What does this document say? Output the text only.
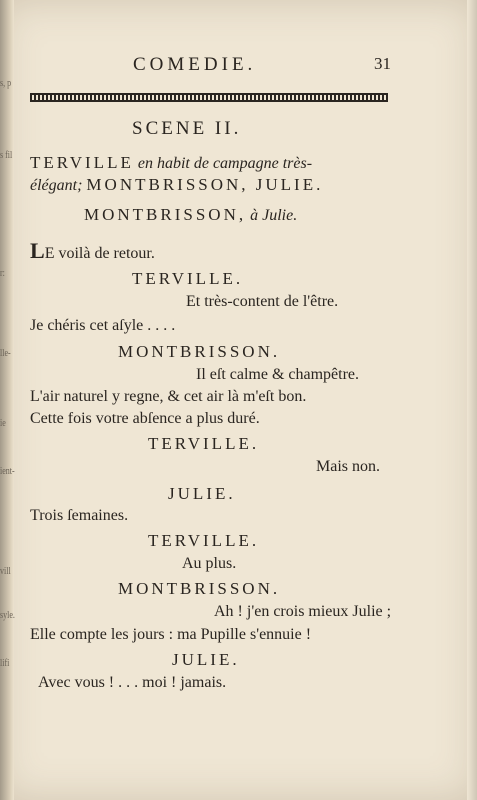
s, p
s fil
r:
lle-
ie
ient-
vill
syle.
lifi
COMEDIE.	31
SCENE II.
TERVILLE en habit de campagne très-
élégant; MONTBRISSON, JULIE.
MONTBRISSON, à Julie.
LE voilà de retour.
TERVILLE.
Et très-content de l'être.
Je chéris cet aſyle . . . .
MONTBRISSON.
Il eſt calme & champêtre.
L'air naturel y regne, & cet air là m'eſt bon.
Cette fois votre abſence a plus duré.
TERVILLE.
Mais non.
JULIE.
Trois ſemaines.
TERVILLE.
Au plus.
MONTBRISSON.
Ah ! j'en crois mieux Julie ;
Elle compte les jours : ma Pupille s'ennuie !
JULIE.
Avec vous ! . . . moi ! jamais.
